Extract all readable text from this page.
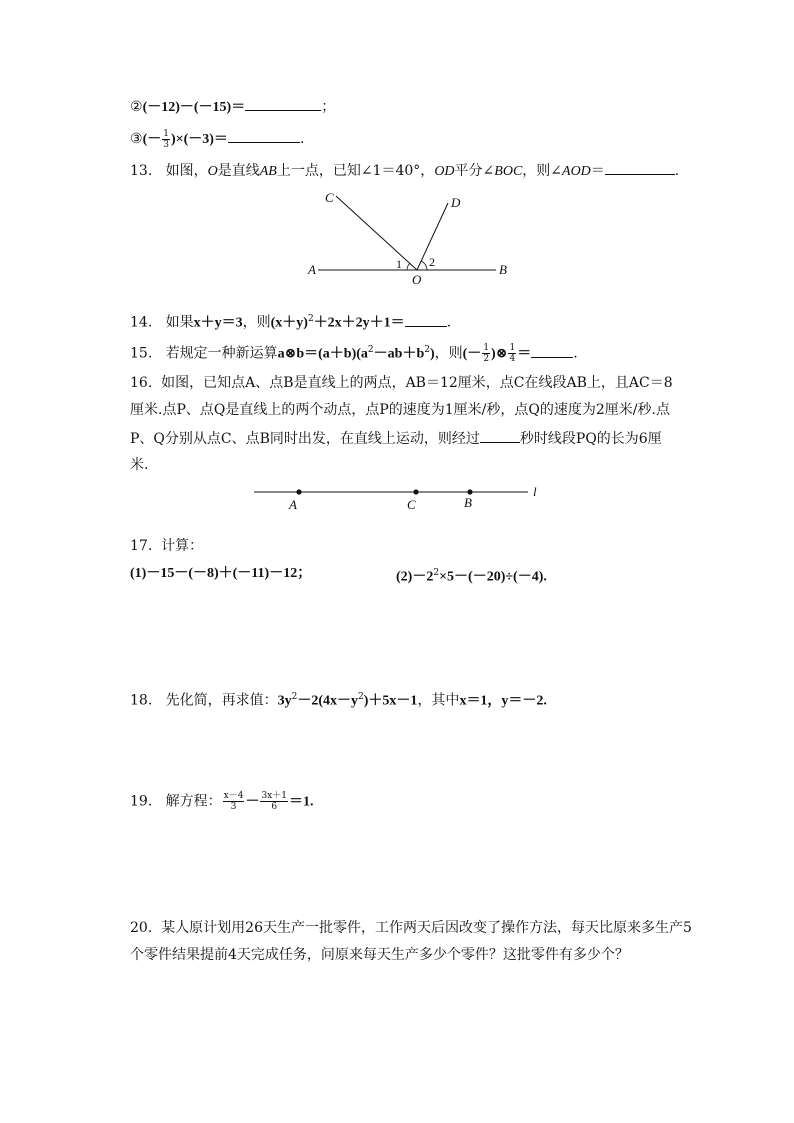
②(－12)－(－15)＝	；
③(－ $\frac{1}{3} )\times(-3)=$	.
13. 如图，O是直线AB上一点，已知∠1＝40°，OD平分∠BOC，则∠AOD＝	.
A	B
C	D
O
1 2
14. 如果x＋y＝3，则$(x+y)^2+2x+2y+1=$	.
15. 若规定一种新运算$a\otimes b=(a+b)(a^2-ab+b^2)$，则(－ $\frac{1}{2}$ )⊗ $\frac{1}{4}$ ＝	.
16. 如图，已知点A、点B是直线上的两点，AB＝12厘米，点C在线段AB上，且AC＝8
厘米.点P、点Q是直线上的两个动点，点P的速度为1厘米/秒，点Q的速度为2厘米/秒.点
P、Q分别从点C、点B同时出发，在直线上运动，则经过	秒时线段PQ的长为6厘
米.
A	C	B
l
17. 计算：
(1)－15－(－8)＋(－11)－12；	$(2)-2^2\times 5-(-20)\div(-4)$.
18. 先化简，再求值：$3y^2-2(4x-y^2)+5x-1$，其中x＝1，y＝－2.
19. 解方程： $\frac{x-4}{3} - \frac{3x+1}{6} =1$.
20. 某人原计划用26天生产一批零件，工作两天后因改变了操作方法，每天比原来多生产5
个零件结果提前4天完成任务，问原来每天生产多少个零件？这批零件有多少个？
